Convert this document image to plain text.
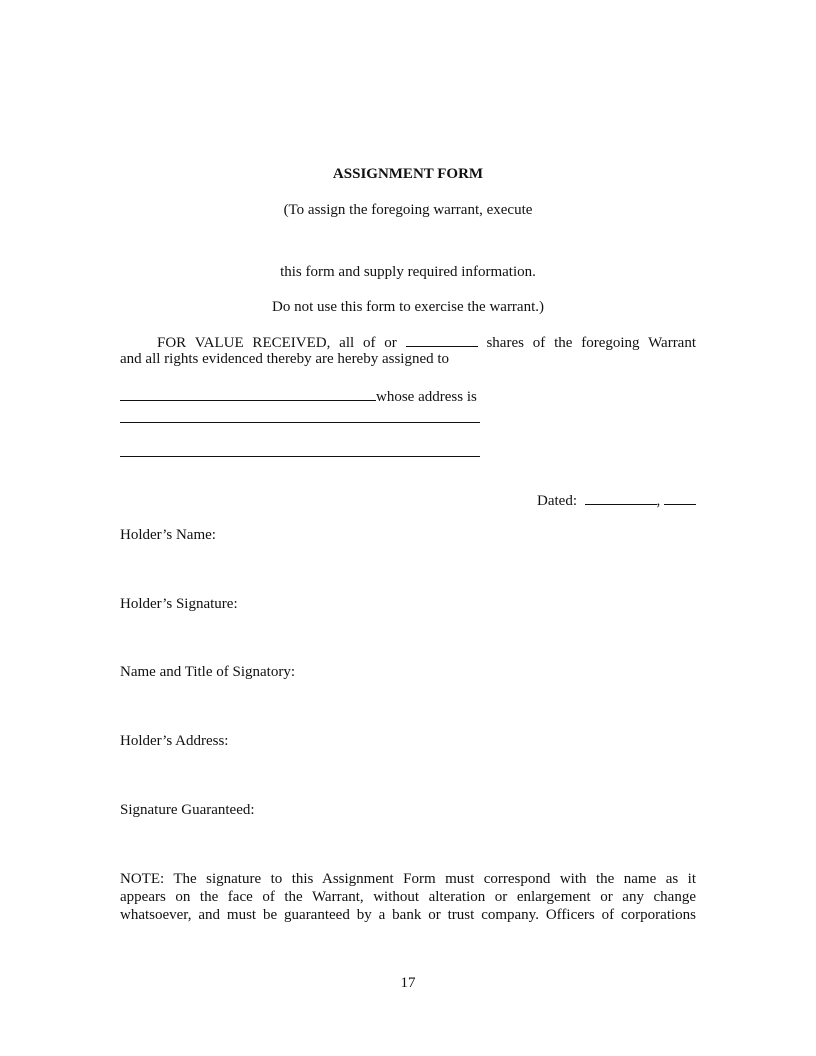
ASSIGNMENT FORM
(To assign the foregoing warrant, execute
this form and supply required information.
Do not use this form to exercise the warrant.)
FOR VALUE RECEIVED, all of or	shares of the foregoing Warrant
and all rights evidenced thereby are hereby assigned to
whose address is
Dated:	,
Holder’s Name:
Holder’s Signature:
Name and Title of Signatory:
Holder’s Address:
Signature Guaranteed:
NOTE: The signature to this Assignment Form must correspond with the name as it
appears on the face of the Warrant, without alteration or enlargement or any change
whatsoever, and must be guaranteed by a bank or trust company. Officers of corporations
17
